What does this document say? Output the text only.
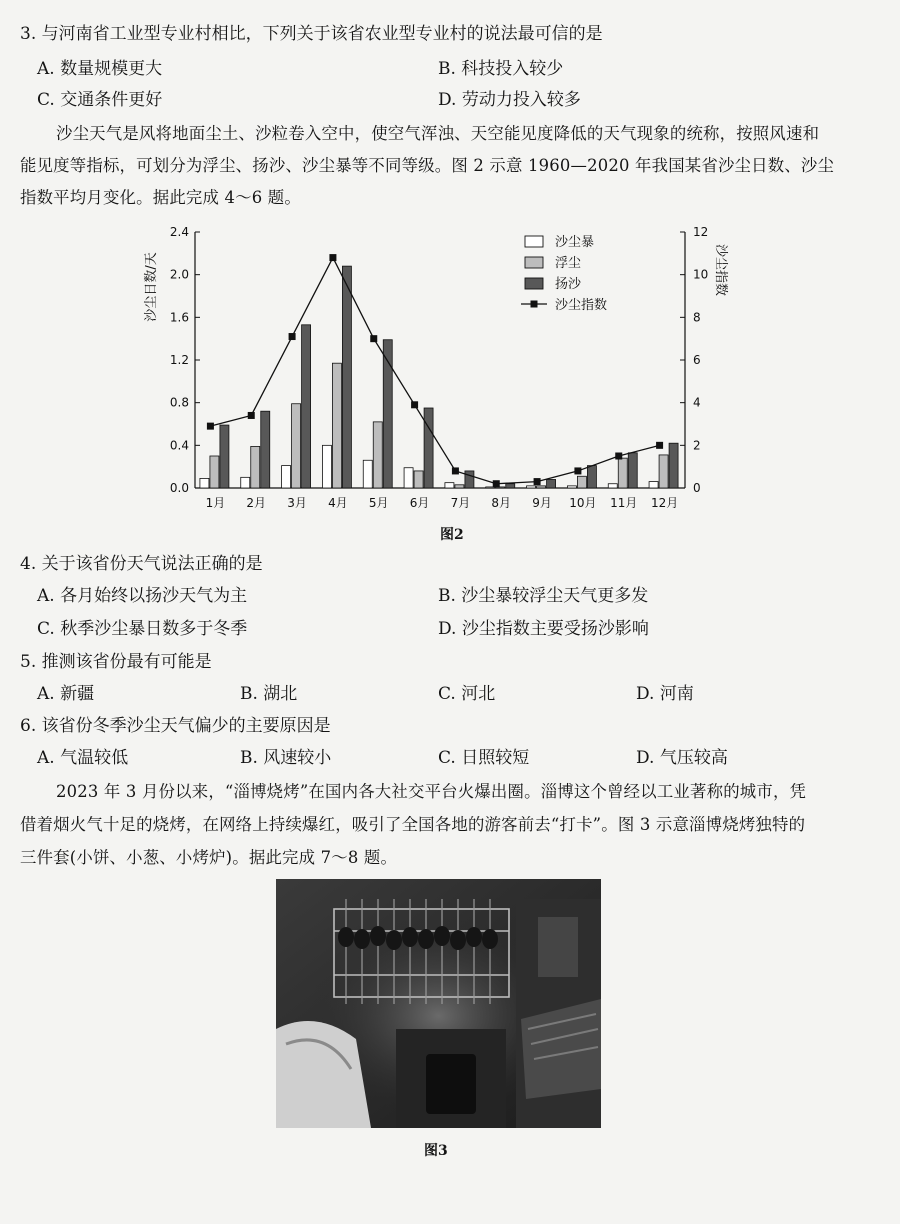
3. 与河南省工业型专业村相比，下列关于该省农业型专业村的说法最可信的是
A. 数量规模更大	B. 科技投入较少
C. 交通条件更好	D. 劳动力投入较多
沙尘天气是风将地面尘土、沙粒卷入空中，使空气浑浊、天空能见度降低的天气现象的统称，按照风速和
能见度等指标，可划分为浮尘、扬沙、沙尘暴等不同等级。图 2 示意 1960—2020 年我国某省沙尘日数、沙尘
指数平均月变化。据此完成 4～6 题。
0.0
0.4
0.8
1.2
1.6
2.0
2.4
0
2
4
6
8
10
12
沙尘日数/天	沙尘指数
1月 2月 3月 4月 5月 6月 7月 8月 9月 10月 11月 12月
沙尘暴
浮尘
扬沙
沙尘指数
图2
4. 关于该省份天气说法正确的是
A. 各月始终以扬沙天气为主	B. 沙尘暴较浮尘天气更多发
C. 秋季沙尘暴日数多于冬季	D. 沙尘指数主要受扬沙影响
5. 推测该省份最有可能是
A. 新疆	B. 湖北	C. 河北	D. 河南
6. 该省份冬季沙尘天气偏少的主要原因是
A. 气温较低	B. 风速较小	C. 日照较短	D. 气压较高
2023 年 3 月份以来，“淄博烧烤”在国内各大社交平台火爆出圈。淄博这个曾经以工业著称的城市，凭
借着烟火气十足的烧烤，在网络上持续爆红，吸引了全国各地的游客前去“打卡”。图 3 示意淄博烧烤独特的
三件套(小饼、小葱、小烤炉)。据此完成 7～8 题。
图3
